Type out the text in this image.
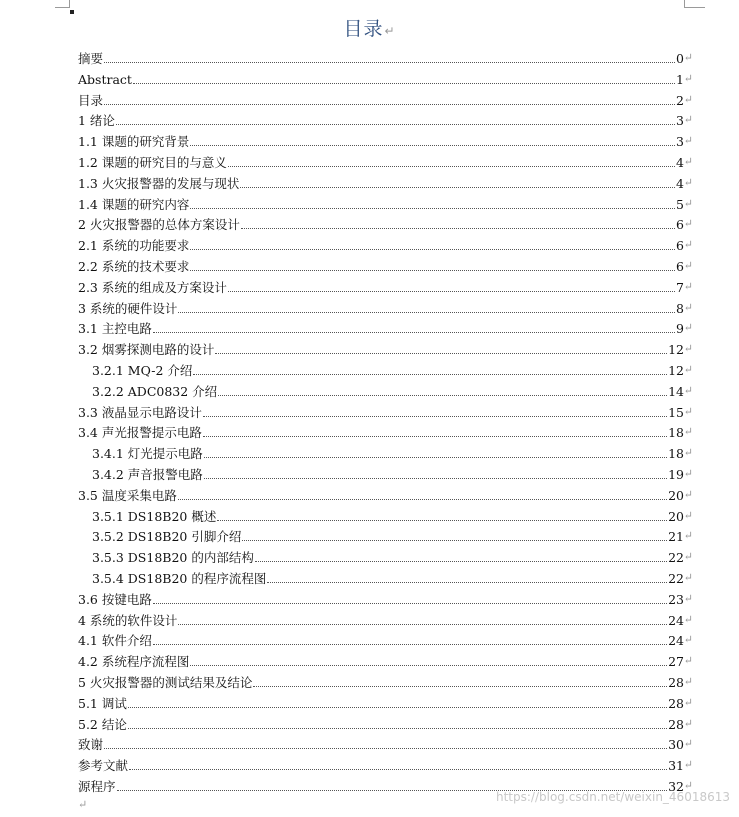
目录↵
摘要	0 ↵
Abstract	1 ↵
目录	2 ↵
1 绪论	3 ↵
1.1 课题的研究背景	3 ↵
1.2 课题的研究目的与意义	4 ↵
1.3 火灾报警器的发展与现状	4 ↵
1.4 课题的研究内容	5 ↵
2 火灾报警器的总体方案设计	6 ↵
2.1 系统的功能要求	6 ↵
2.2 系统的技术要求	6 ↵
2.3 系统的组成及方案设计	7 ↵
3 系统的硬件设计	8 ↵
3.1 主控电路	9 ↵
3.2 烟雾探测电路的设计	12 ↵
3.2.1 MQ-2 介绍	12 ↵
3.2.2 ADC0832 介绍	14 ↵
3.3 液晶显示电路设计	15 ↵
3.4 声光报警提示电路	18 ↵
3.4.1 灯光提示电路	18 ↵
3.4.2 声音报警电路	19 ↵
3.5 温度采集电路	20 ↵
3.5.1 DS18B20 概述	20 ↵
3.5.2 DS18B20 引脚介绍	21 ↵
3.5.3 DS18B20 的内部结构	22 ↵
3.5.4 DS18B20 的程序流程图	22 ↵
3.6 按键电路	23 ↵
4 系统的软件设计	24 ↵
4.1 软件介绍	24 ↵
4.2 系统程序流程图	27 ↵
5 火灾报警器的测试结果及结论	28 ↵
5.1 调试	28 ↵
5.2 结论	28 ↵
致谢	30 ↵
参考文献	31 ↵
源程序	32 ↵
↵
https://blog.csdn.net/weixin_46018613
